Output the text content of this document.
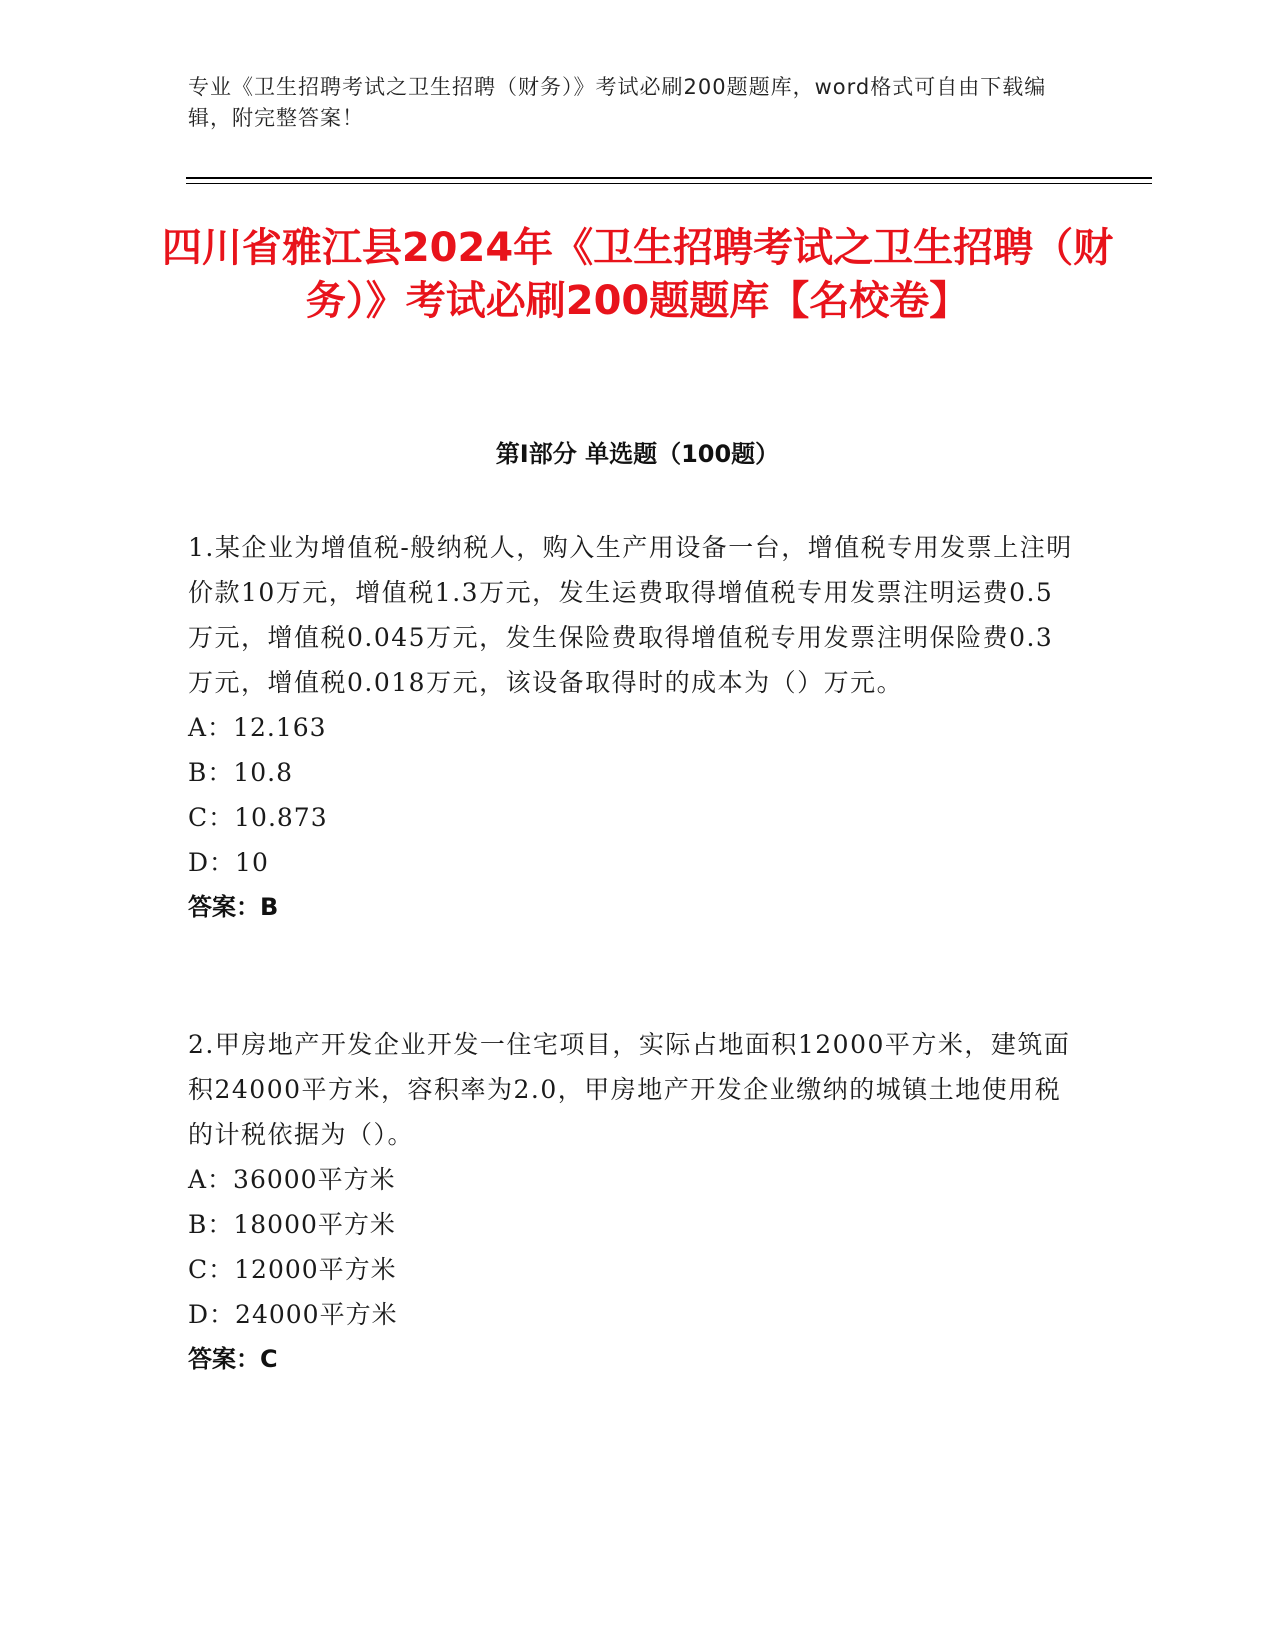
专业《卫生招聘考试之卫生招聘（财务）》考试必刷200题题库，word格式可自由下载编辑，附完整答案！
四川省雅江县2024年《卫生招聘考试之卫生招聘（财务）》考试必刷200题题库【名校卷】
第Ⅰ部分 单选题（100题）

1.某企业为增值税-般纳税人，购入生产用设备一台，增值税专用发票上注明价款10万元，增值税1.3万元，发生运费取得增值税专用发票注明运费0.5万元，增值税0.045万元，发生保险费取得增值税专用发票注明保险费0.3万元，增值税0.018万元，该设备取得时的成本为（）万元。

A：12.163
B：10.8
C：10.873
D：10

答案：B

2.甲房地产开发企业开发一住宅项目，实际占地面积12000平方米，建筑面积24000平方米，容积率为2.0，甲房地产开发企业缴纳的城镇土地使用税的计税依据为（）。

A：36000平方米
B：18000平方米
C：12000平方米
D：24000平方米

答案：C
